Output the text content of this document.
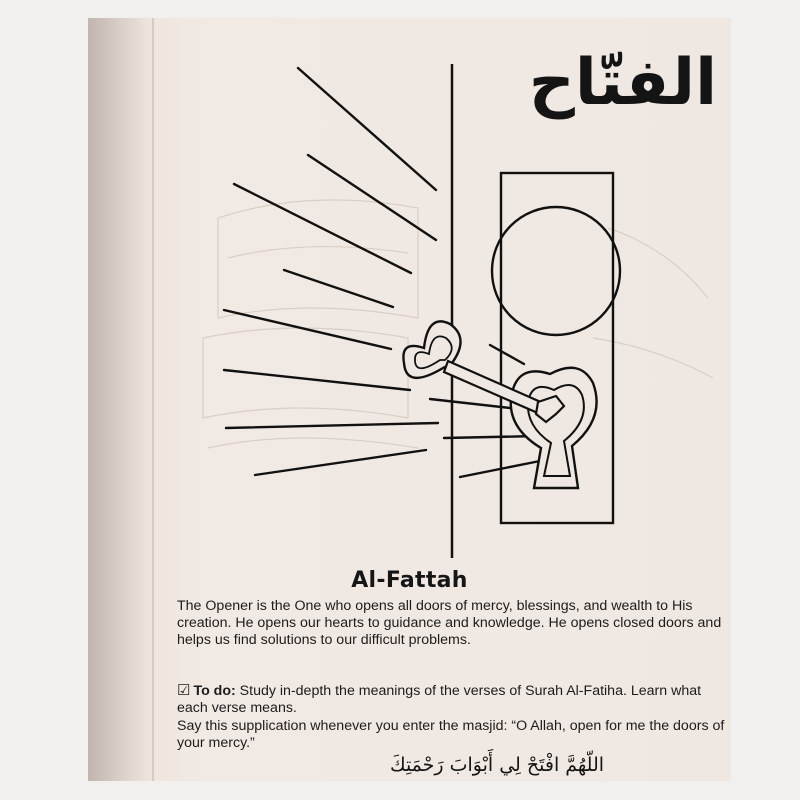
الفتّاح
Al-Fattah
The Opener is the One who opens all doors of mercy, blessings, and wealth to His creation. He opens our hearts to guidance and knowledge. He opens closed doors and helps us find solutions to our difficult problems.
☑ To do: Study in-depth the meanings of the verses of Surah Al-Fatiha. Learn what each verse means.
Say this supplication whenever you enter the masjid: “O Allah, open for me the doors of your mercy.”
اللّهُمَّ افْتَحْ لِي أَبْوَابَ رَحْمَتِكَ
